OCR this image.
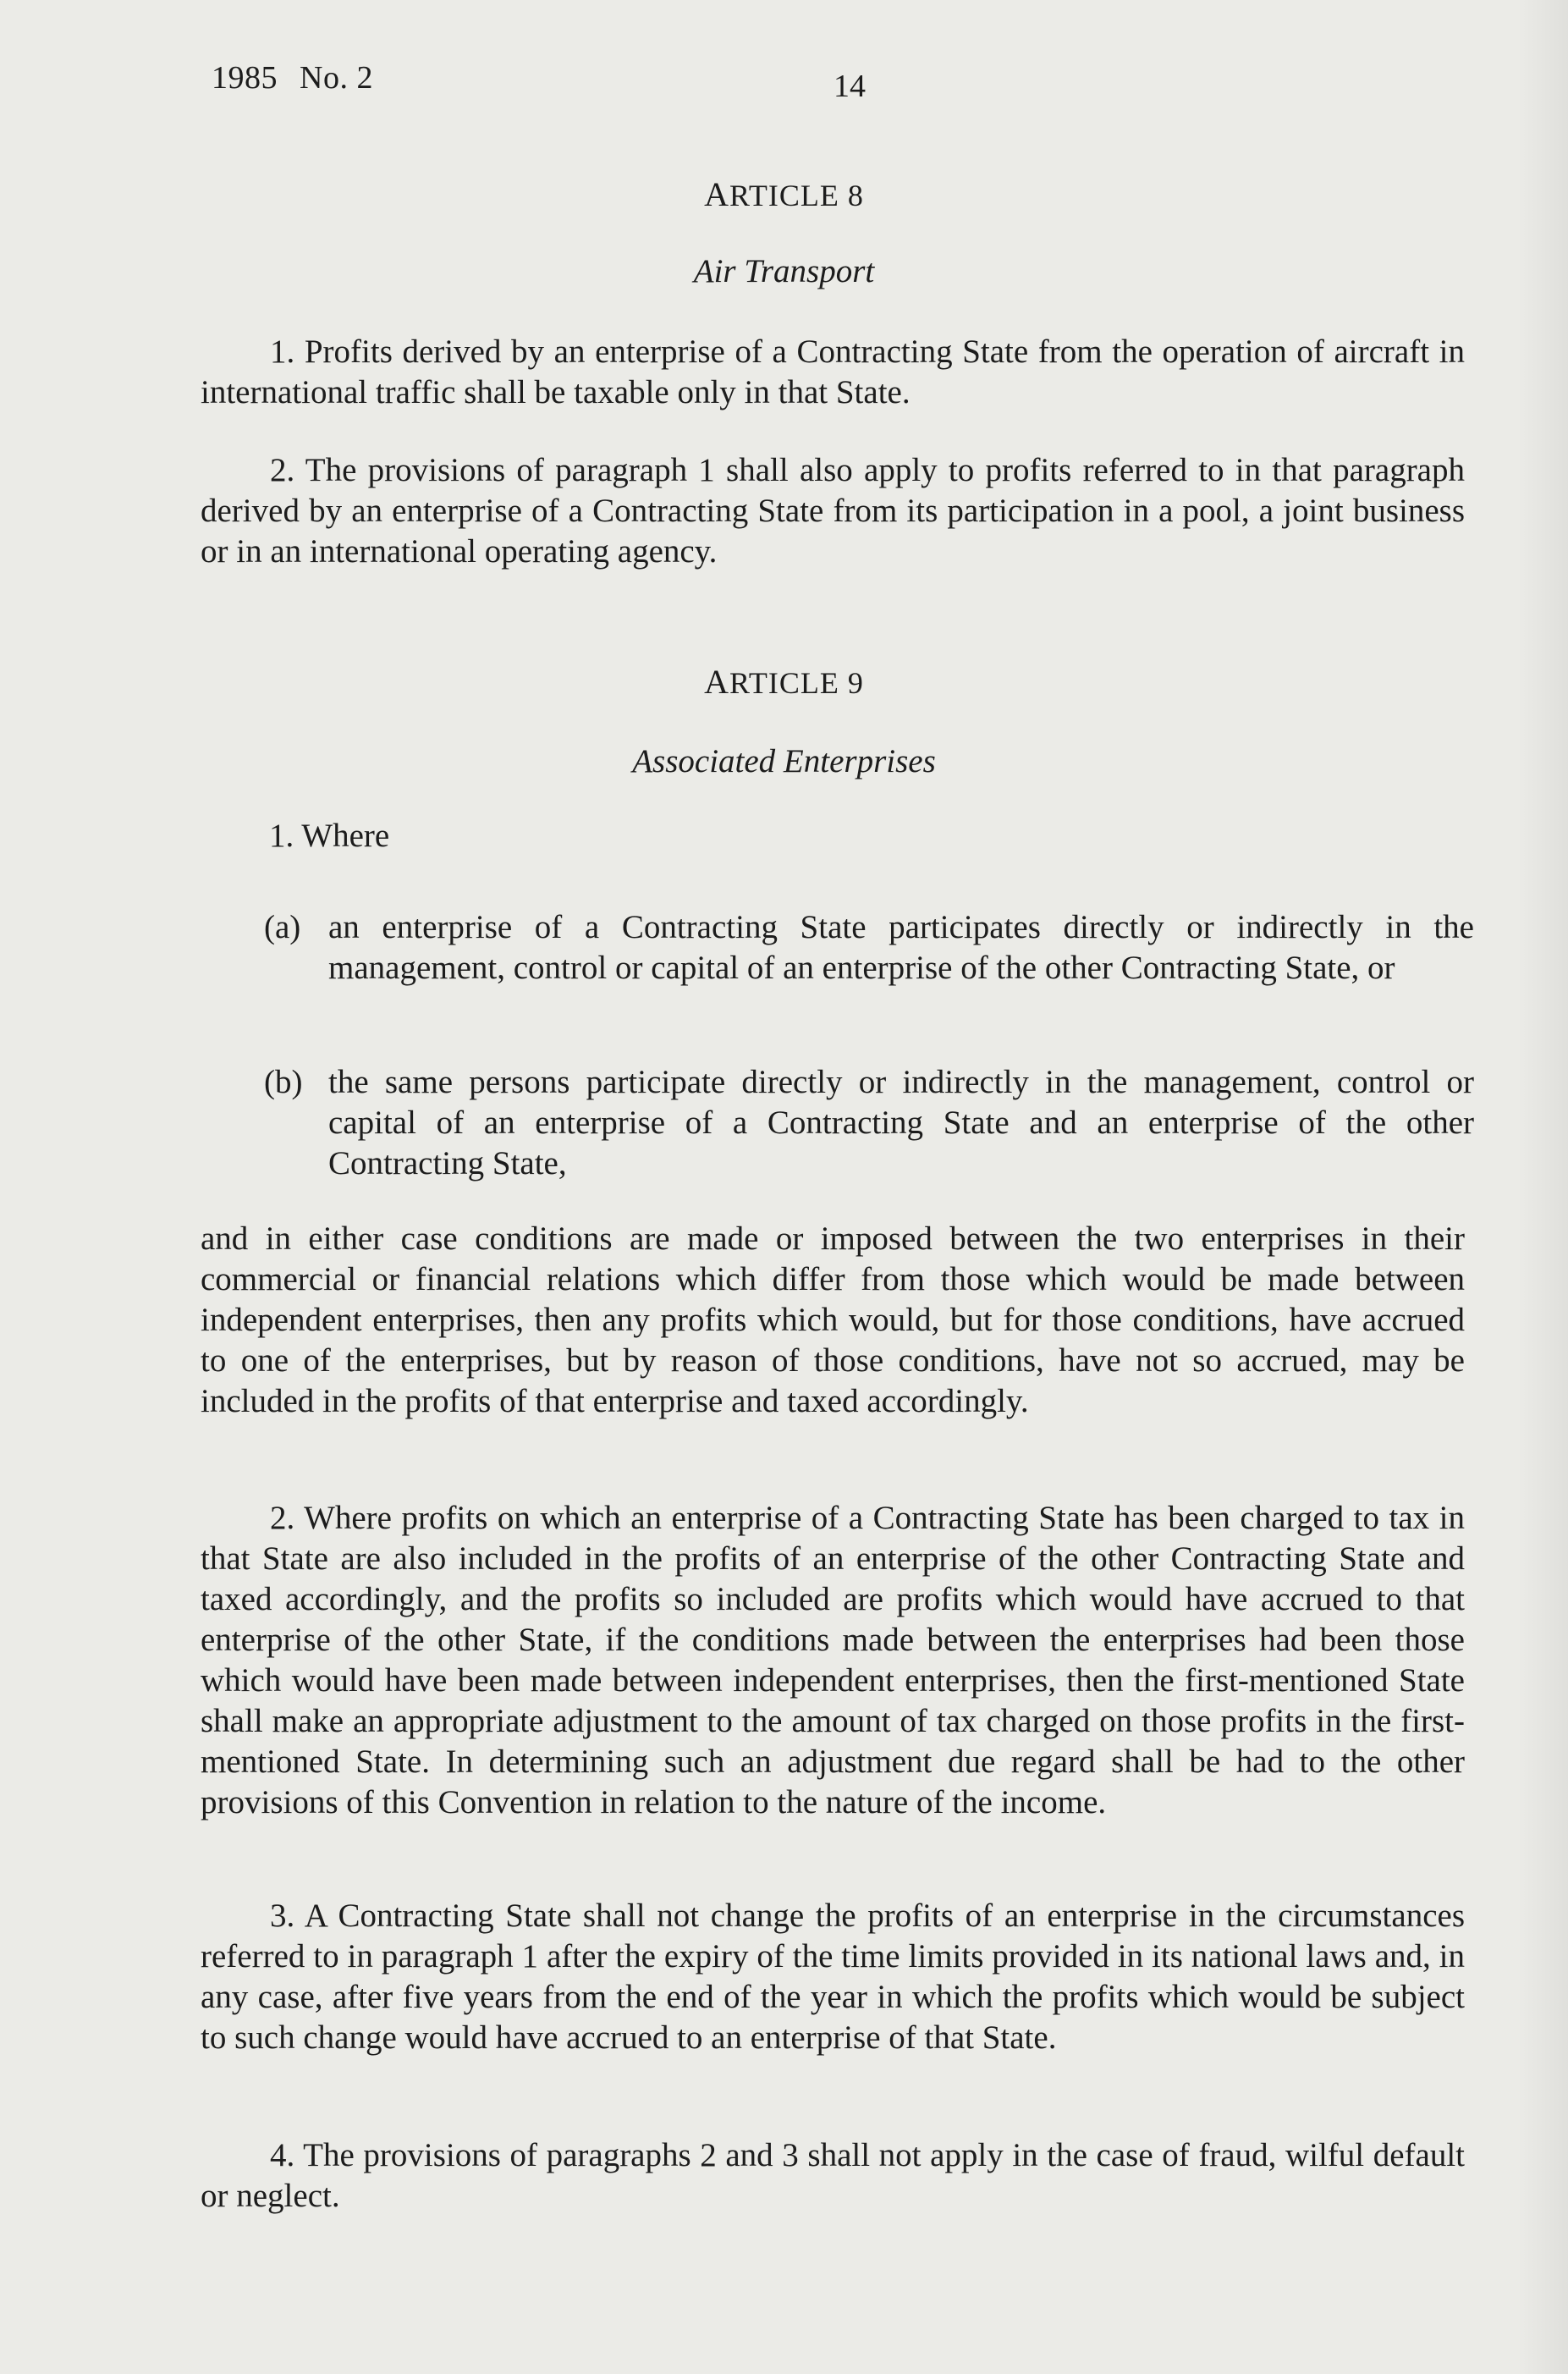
1985 No. 2	14
ARTICLE 8
Air Transport

1. Profits derived by an enterprise of a Contracting State from the operation of aircraft in international traffic shall be taxable only in that State.

2. The provisions of paragraph 1 shall also apply to profits referred to in that paragraph derived by an enterprise of a Contracting State from its participation in a pool, a joint business or in an international operating agency.

ARTICLE 9
Associated Enterprises
1. Where
(a) an enterprise of a Contracting State participates directly or indirectly in the management, control or capital of an enterprise of the other Contracting State, or
(b) the same persons participate directly or indirectly in the management, control or capital of an enterprise of a Contracting State and an enterprise of the other Contracting State,

and in either case conditions are made or imposed between the two enterprises in their commercial or financial relations which differ from those which would be made between independent enterprises, then any profits which would, but for those conditions, have accrued to one of the enterprises, but by reason of those conditions, have not so accrued, may be included in the profits of that enterprise and taxed accordingly.

2. Where profits on which an enterprise of a Contracting State has been charged to tax in that State are also included in the profits of an enterprise of the other Contracting State and taxed accordingly, and the profits so included are profits which would have accrued to that enterprise of the other State, if the conditions made between the enterprises had been those which would have been made between independent enterprises, then the first-mentioned State shall make an appropriate adjustment to the amount of tax charged on those profits in the first-mentioned State. In determining such an adjustment due regard shall be had to the other provisions of this Convention in relation to the nature of the income.

3. A Contracting State shall not change the profits of an enterprise in the circumstances referred to in paragraph 1 after the expiry of the time limits provided in its national laws and, in any case, after five years from the end of the year in which the profits which would be subject to such change would have accrued to an enterprise of that State.

4. The provisions of paragraphs 2 and 3 shall not apply in the case of fraud, wilful default or neglect.
